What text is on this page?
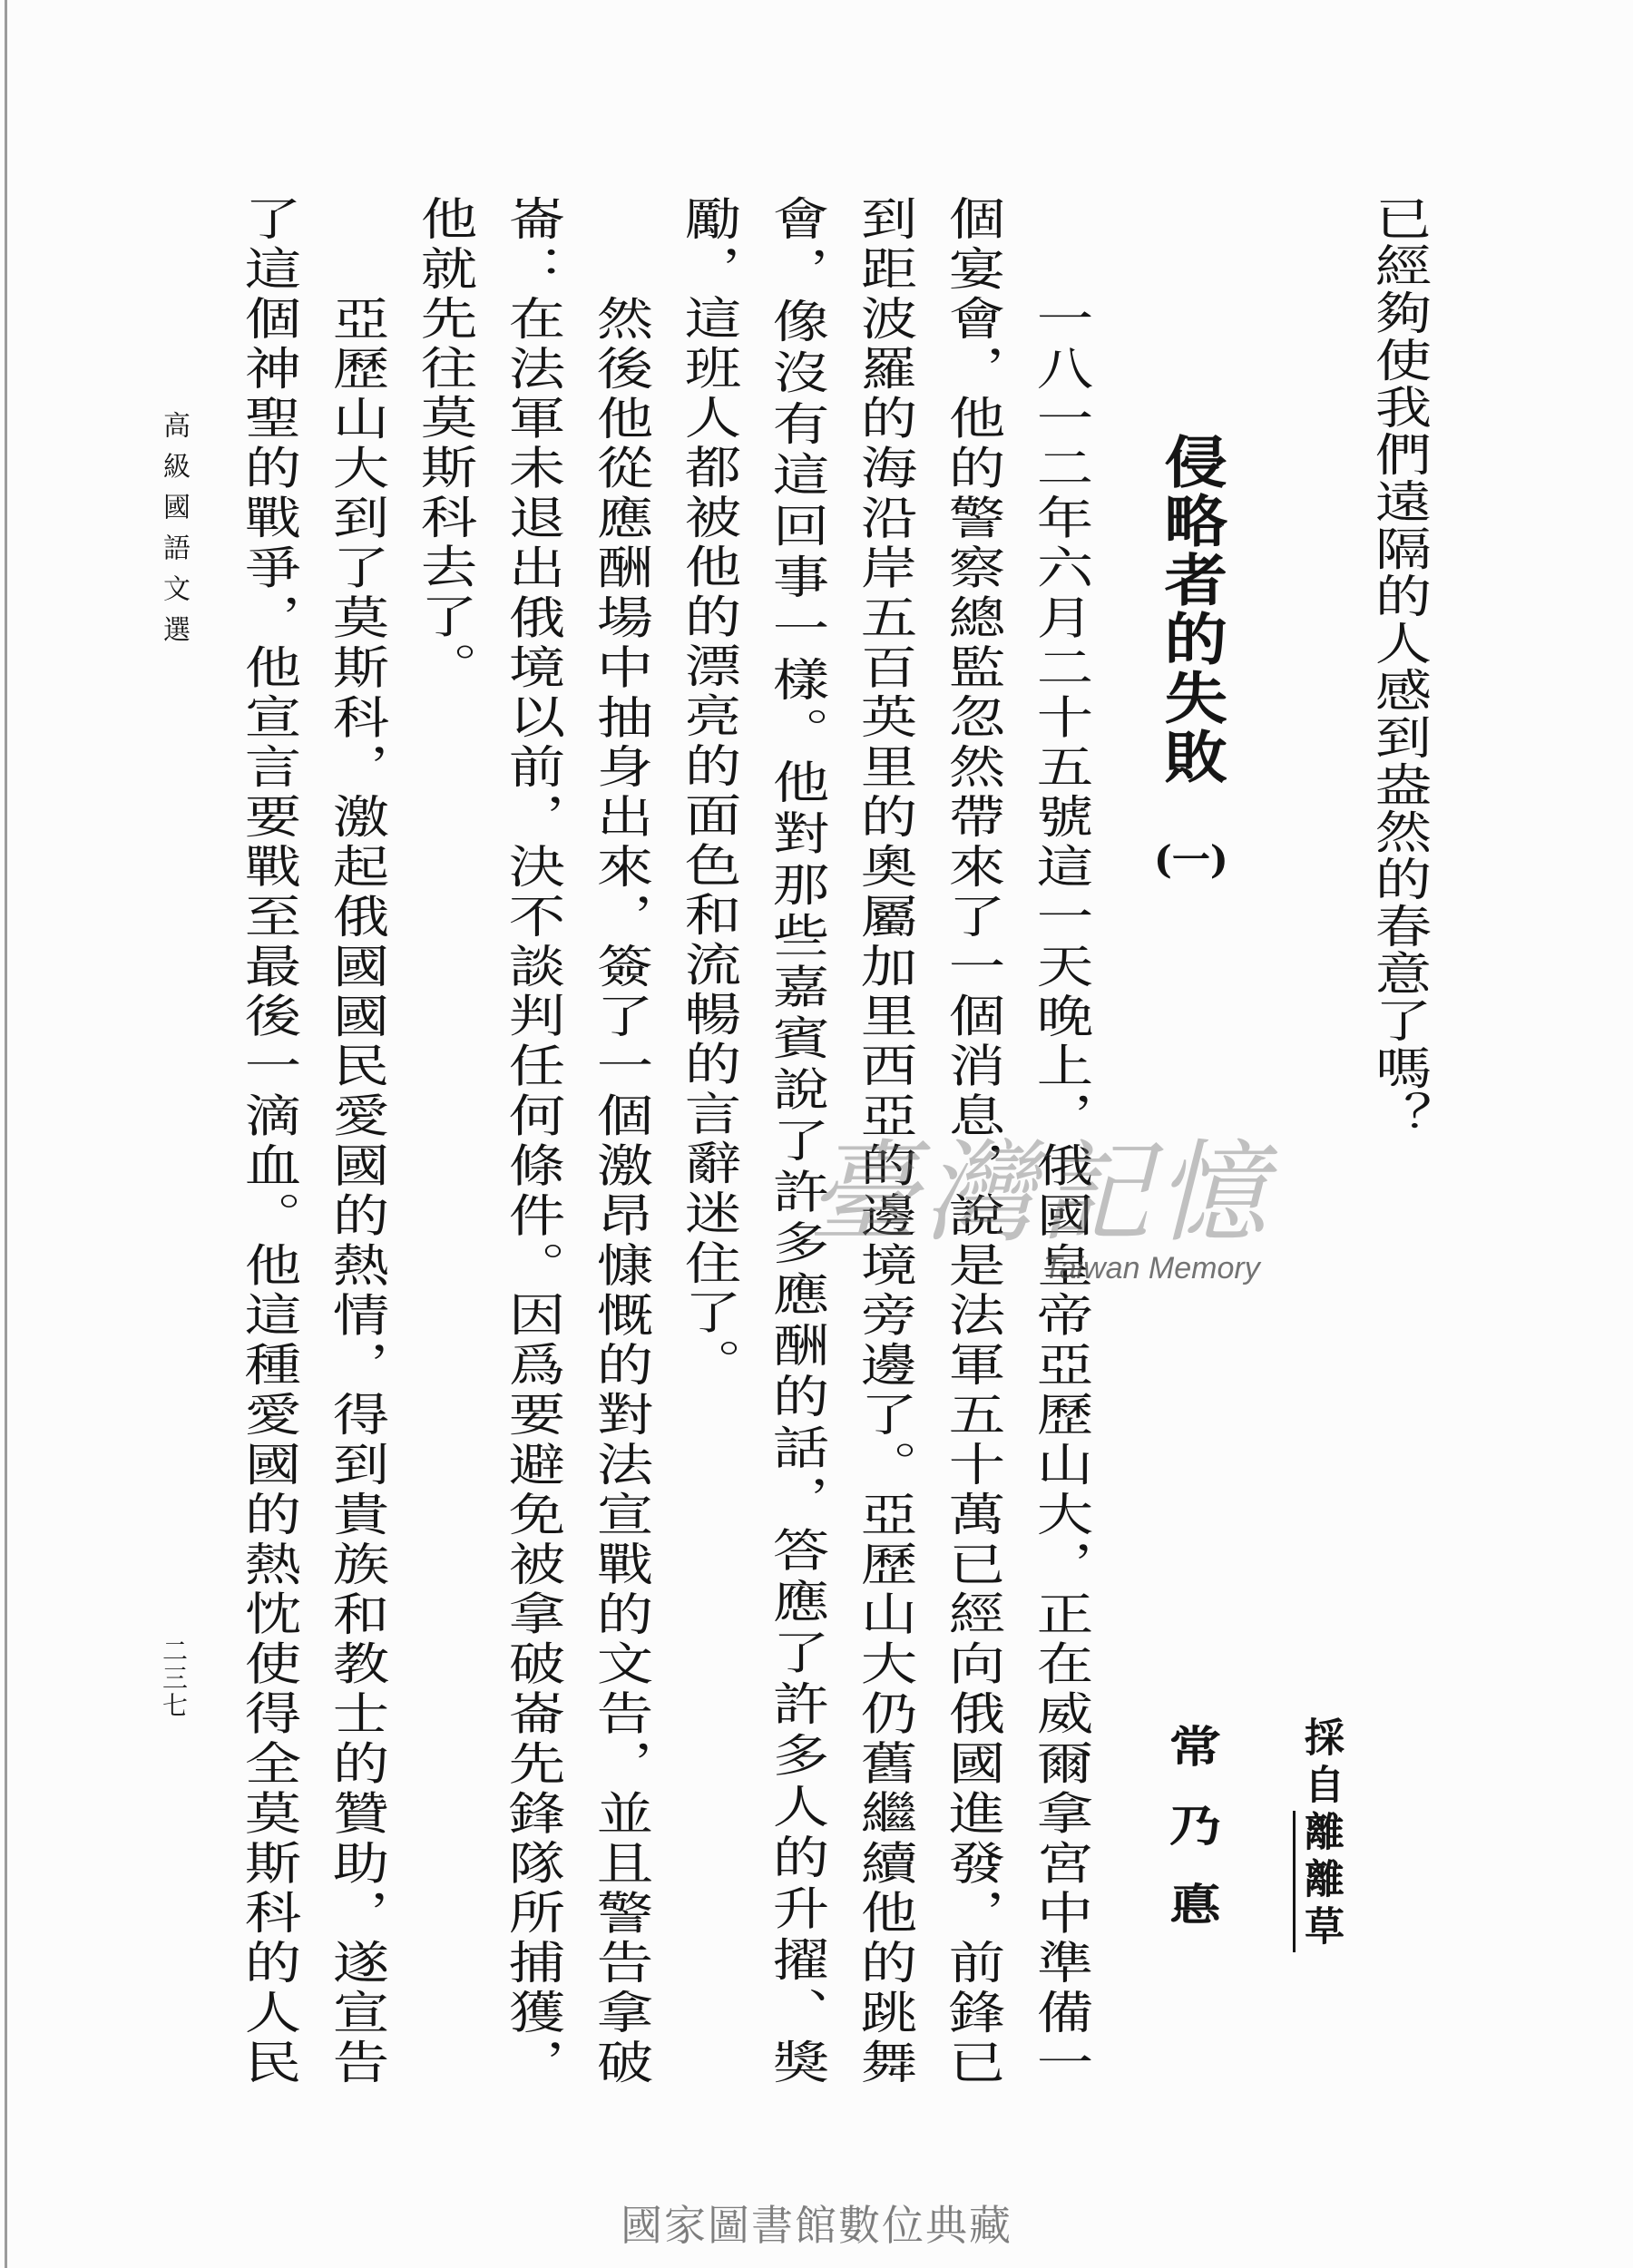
已經夠使我們遠隔的人感到盎然的春意了嗎？
採自離離草
侵略者的失敗
(一)
常乃悳
一八一二年六月二十五號這一天晚上，俄國皇帝亞歷山大，正在威爾拿宮中準備一
個宴會，他的警察總監忽然帶來了一個消息，說是法軍五十萬已經向俄國進發，前鋒已
到距波羅的海沿岸五百英里的奧屬加里西亞的邊境旁邊了。亞歷山大仍舊繼續他的跳舞
會，像沒有這回事一樣。他對那些嘉賓說了許多應酬的話，答應了許多人的升擢、獎
勵，這班人都被他的漂亮的面色和流暢的言辭迷住了。
然後他從應酬場中抽身出來，簽了一個激昂慷慨的對法宣戰的文告，並且警告拿破
崙：在法軍未退出俄境以前，決不談判任何條件。因爲要避免被拿破崙先鋒隊所捕獲，
他就先往莫斯科去了。
亞歷山大到了莫斯科，激起俄國國民愛國的熱情，得到貴族和教士的贊助，遂宣告
了這個神聖的戰爭，他宣言要戰至最後一滴血。他這種愛國的熱忱使得全莫斯科的人民
高級國語文選
二三七
臺灣記憶
Taiwan Memory
國家圖書館數位典藏
